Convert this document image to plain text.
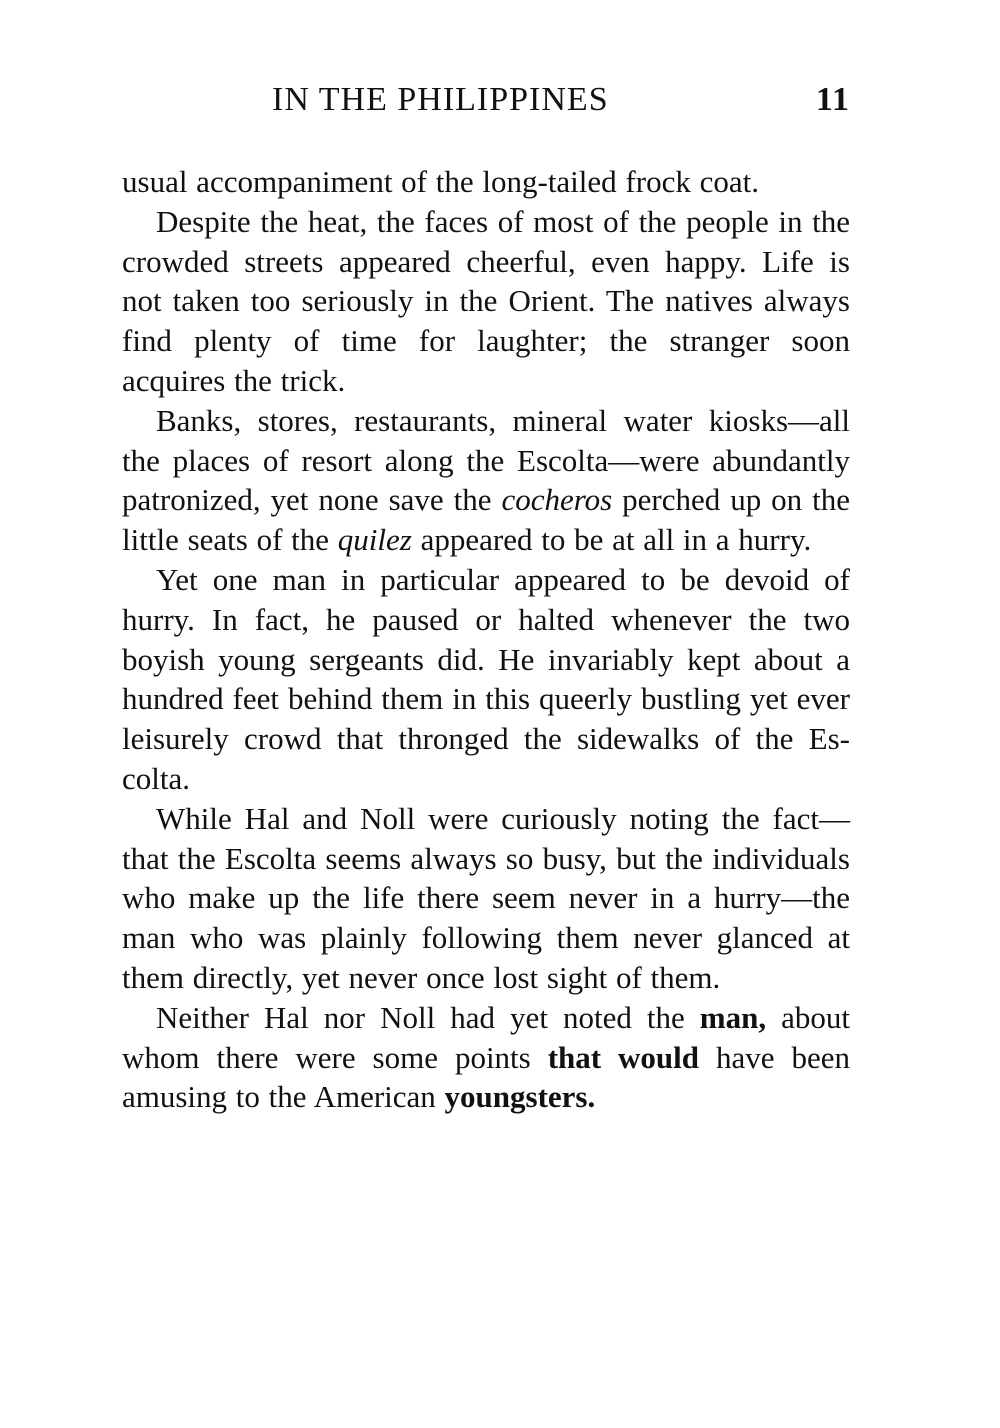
IN THE PHILIPPINES	11

usual accompaniment of the long-tailed frock coat.

Despite the heat, the faces of most of the people in the crowded streets appeared cheerful, even happy. Life is not taken too seriously in the Orient. The natives always find plenty of time for laughter; the stranger soon acquires the trick.

Banks, stores, restaurants, mineral water kiosks—all the places of resort along the Escolta—were abundantly patronized, yet none save the cocheros perched up on the little seats of the quilez appeared to be at all in a hurry.

Yet one man in particular appeared to be devoid of hurry. In fact, he paused or halted whenever the two boyish young sergeants did. He invariably kept about a hundred feet behind them in this queerly bustling yet ever leisurely crowd that thronged the sidewalks of the Escolta.

While Hal and Noll were curiously noting the fact—that the Escolta seems always so busy, but the individuals who make up the life there seem never in a hurry—the man who was plainly following them never glanced at them directly, yet never once lost sight of them.

Neither Hal nor Noll had yet noted the man, about whom there were some points that would have been amusing to the American youngsters.
